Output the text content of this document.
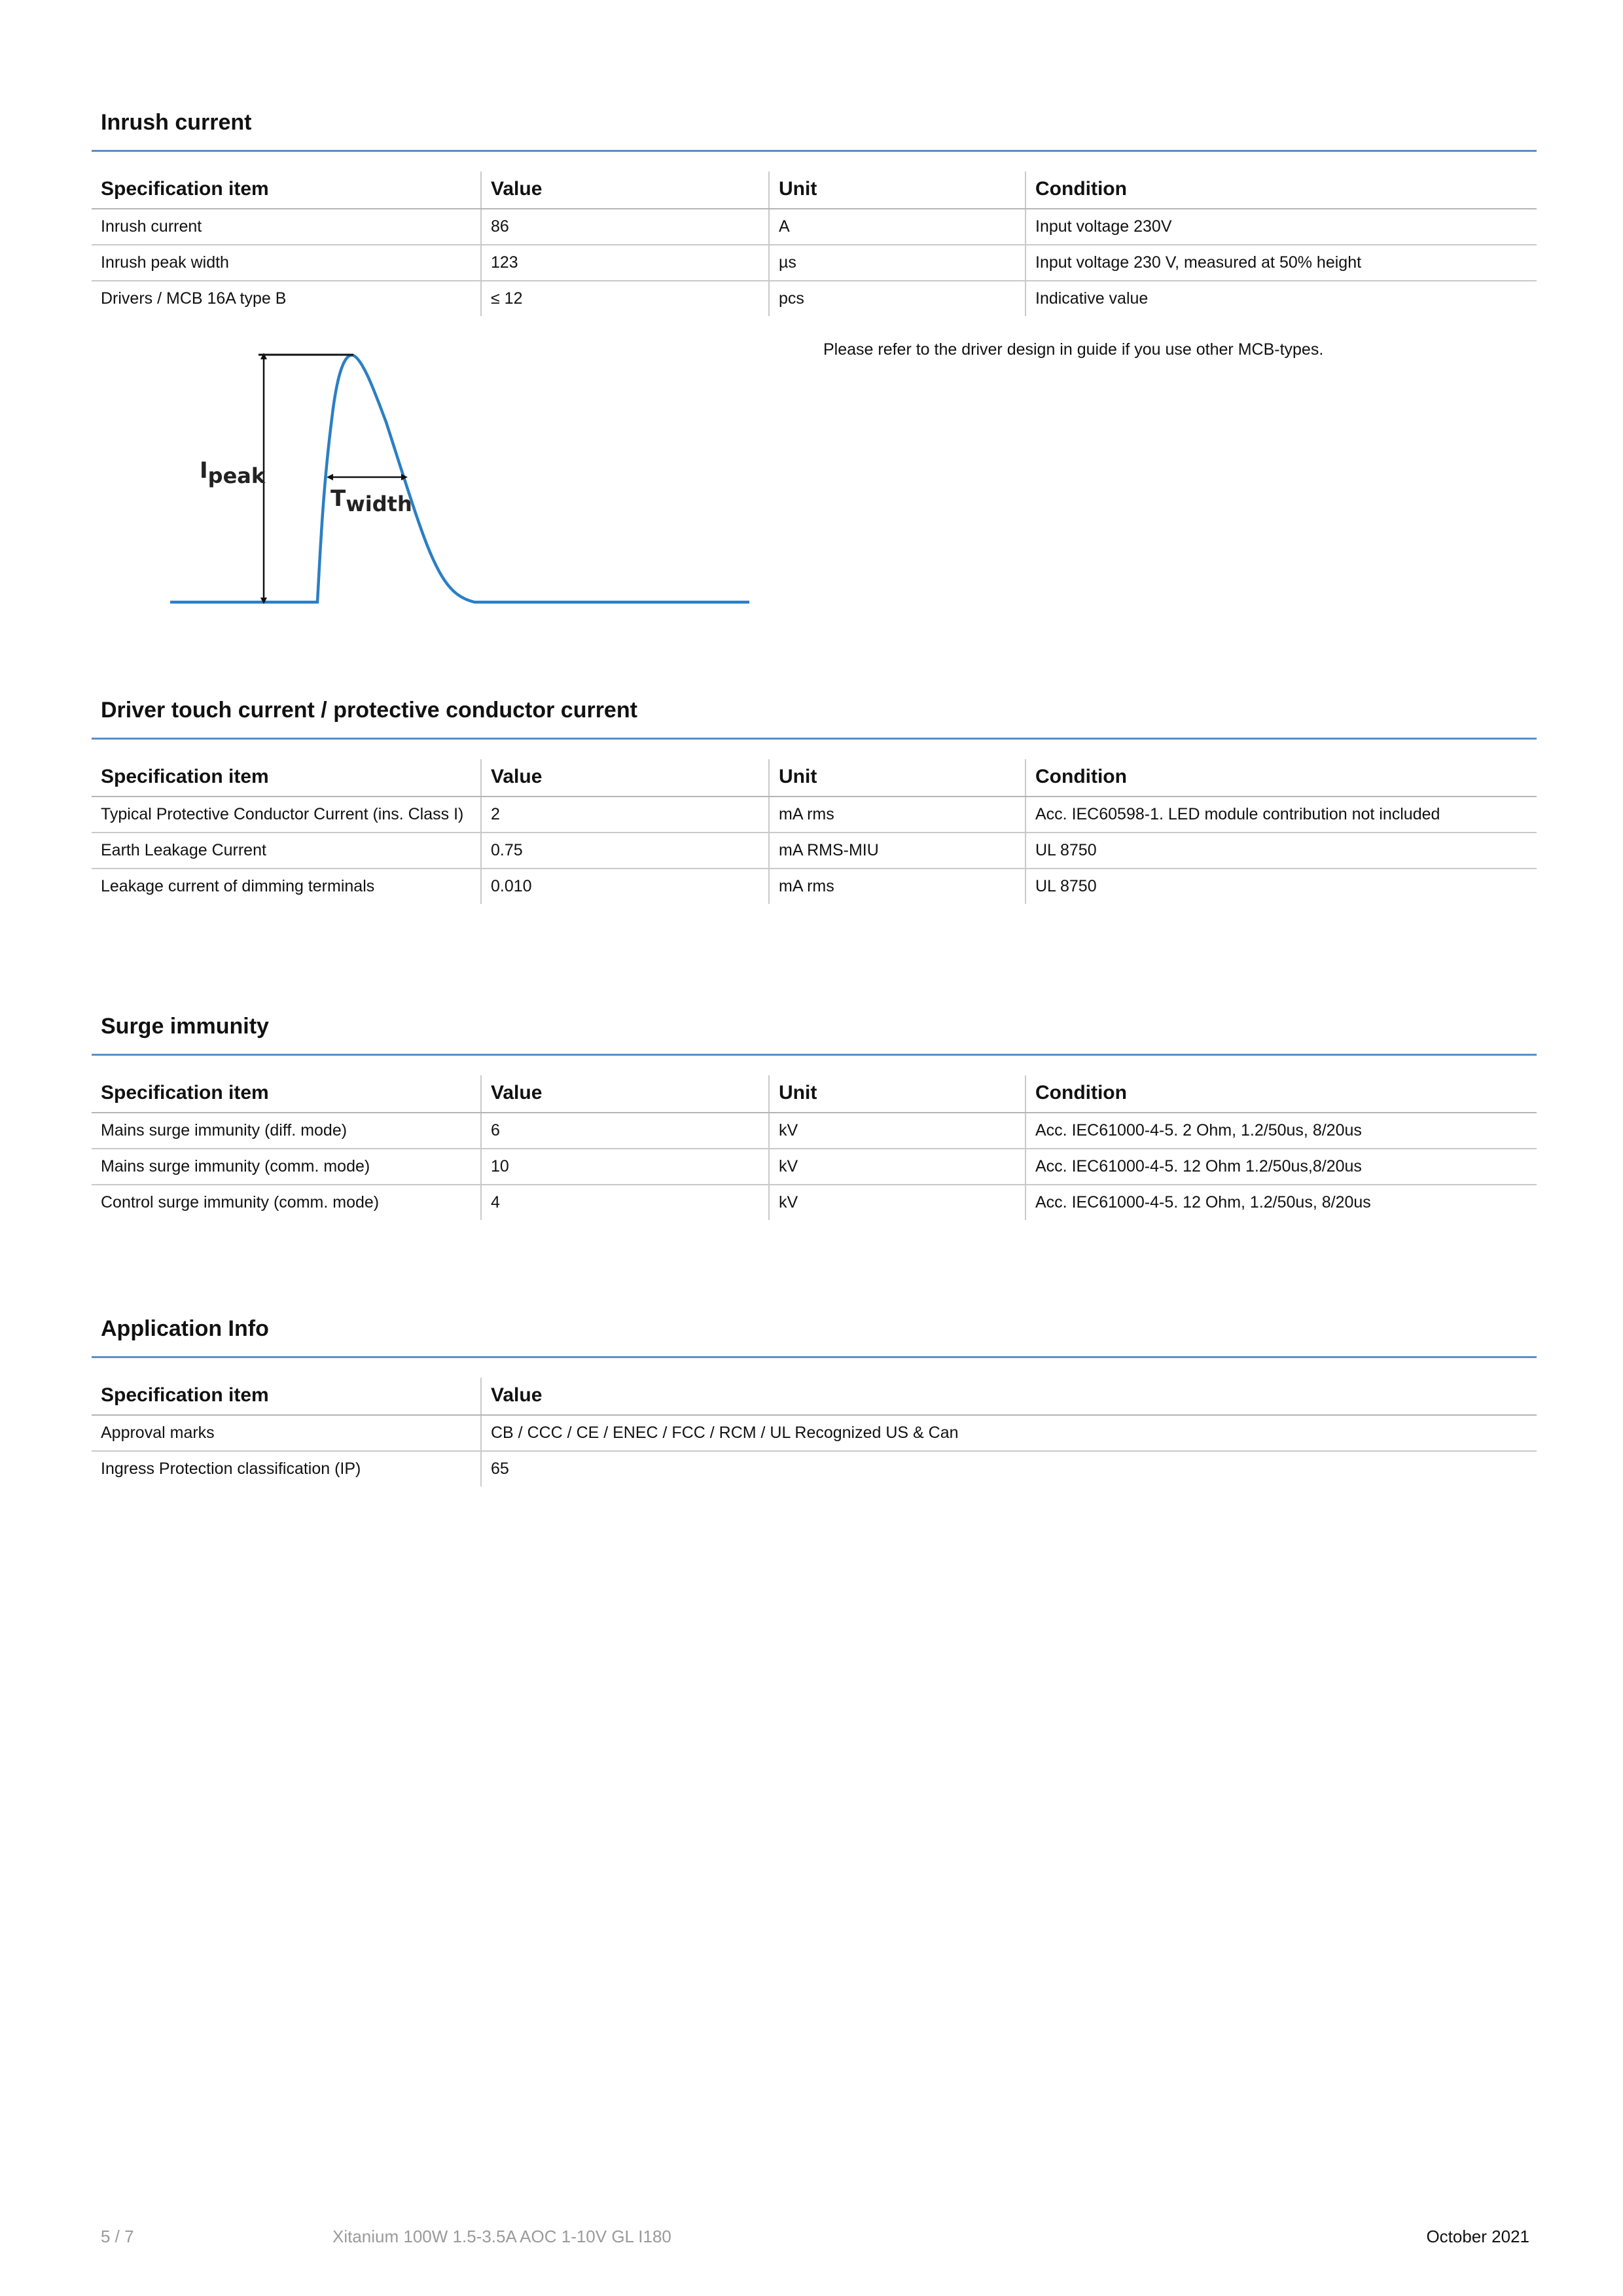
Inrush current
Specification item	Value	Unit	Condition
Inrush current	86	A	Input voltage 230V
Inrush peak width	123	µs	Input voltage 230 V, measured at 50% height
Drivers / MCB 16A type B	≤ 12	pcs	Indicative value
Ipeak
Twidth
Please refer to the driver design in guide if you use other MCB-types.
Driver touch current / protective conductor current
Specification item	Value	Unit	Condition
Typical Protective Conductor Current (ins. Class I)	2	mA rms	Acc. IEC60598-1. LED module contribution not included
Earth Leakage Current	0.75	mA RMS-MIU	UL 8750
Leakage current of dimming terminals	0.010	mA rms	UL 8750
Surge immunity
Specification item	Value	Unit	Condition
Mains surge immunity (diff. mode)	6	kV	Acc. IEC61000-4-5. 2 Ohm, 1.2/50us, 8/20us
Mains surge immunity (comm. mode)	10	kV	Acc. IEC61000-4-5. 12 Ohm 1.2/50us,8/20us
Control surge immunity (comm. mode)	4	kV	Acc. IEC61000-4-5. 12 Ohm, 1.2/50us, 8/20us
Application Info
Specification item	Value
Approval marks	CB / CCC / CE / ENEC / FCC / RCM / UL Recognized US & Can
Ingress Protection classification (IP)	65
5 / 7	Xitanium 100W 1.5-3.5A AOC 1-10V GL I180	October 2021
